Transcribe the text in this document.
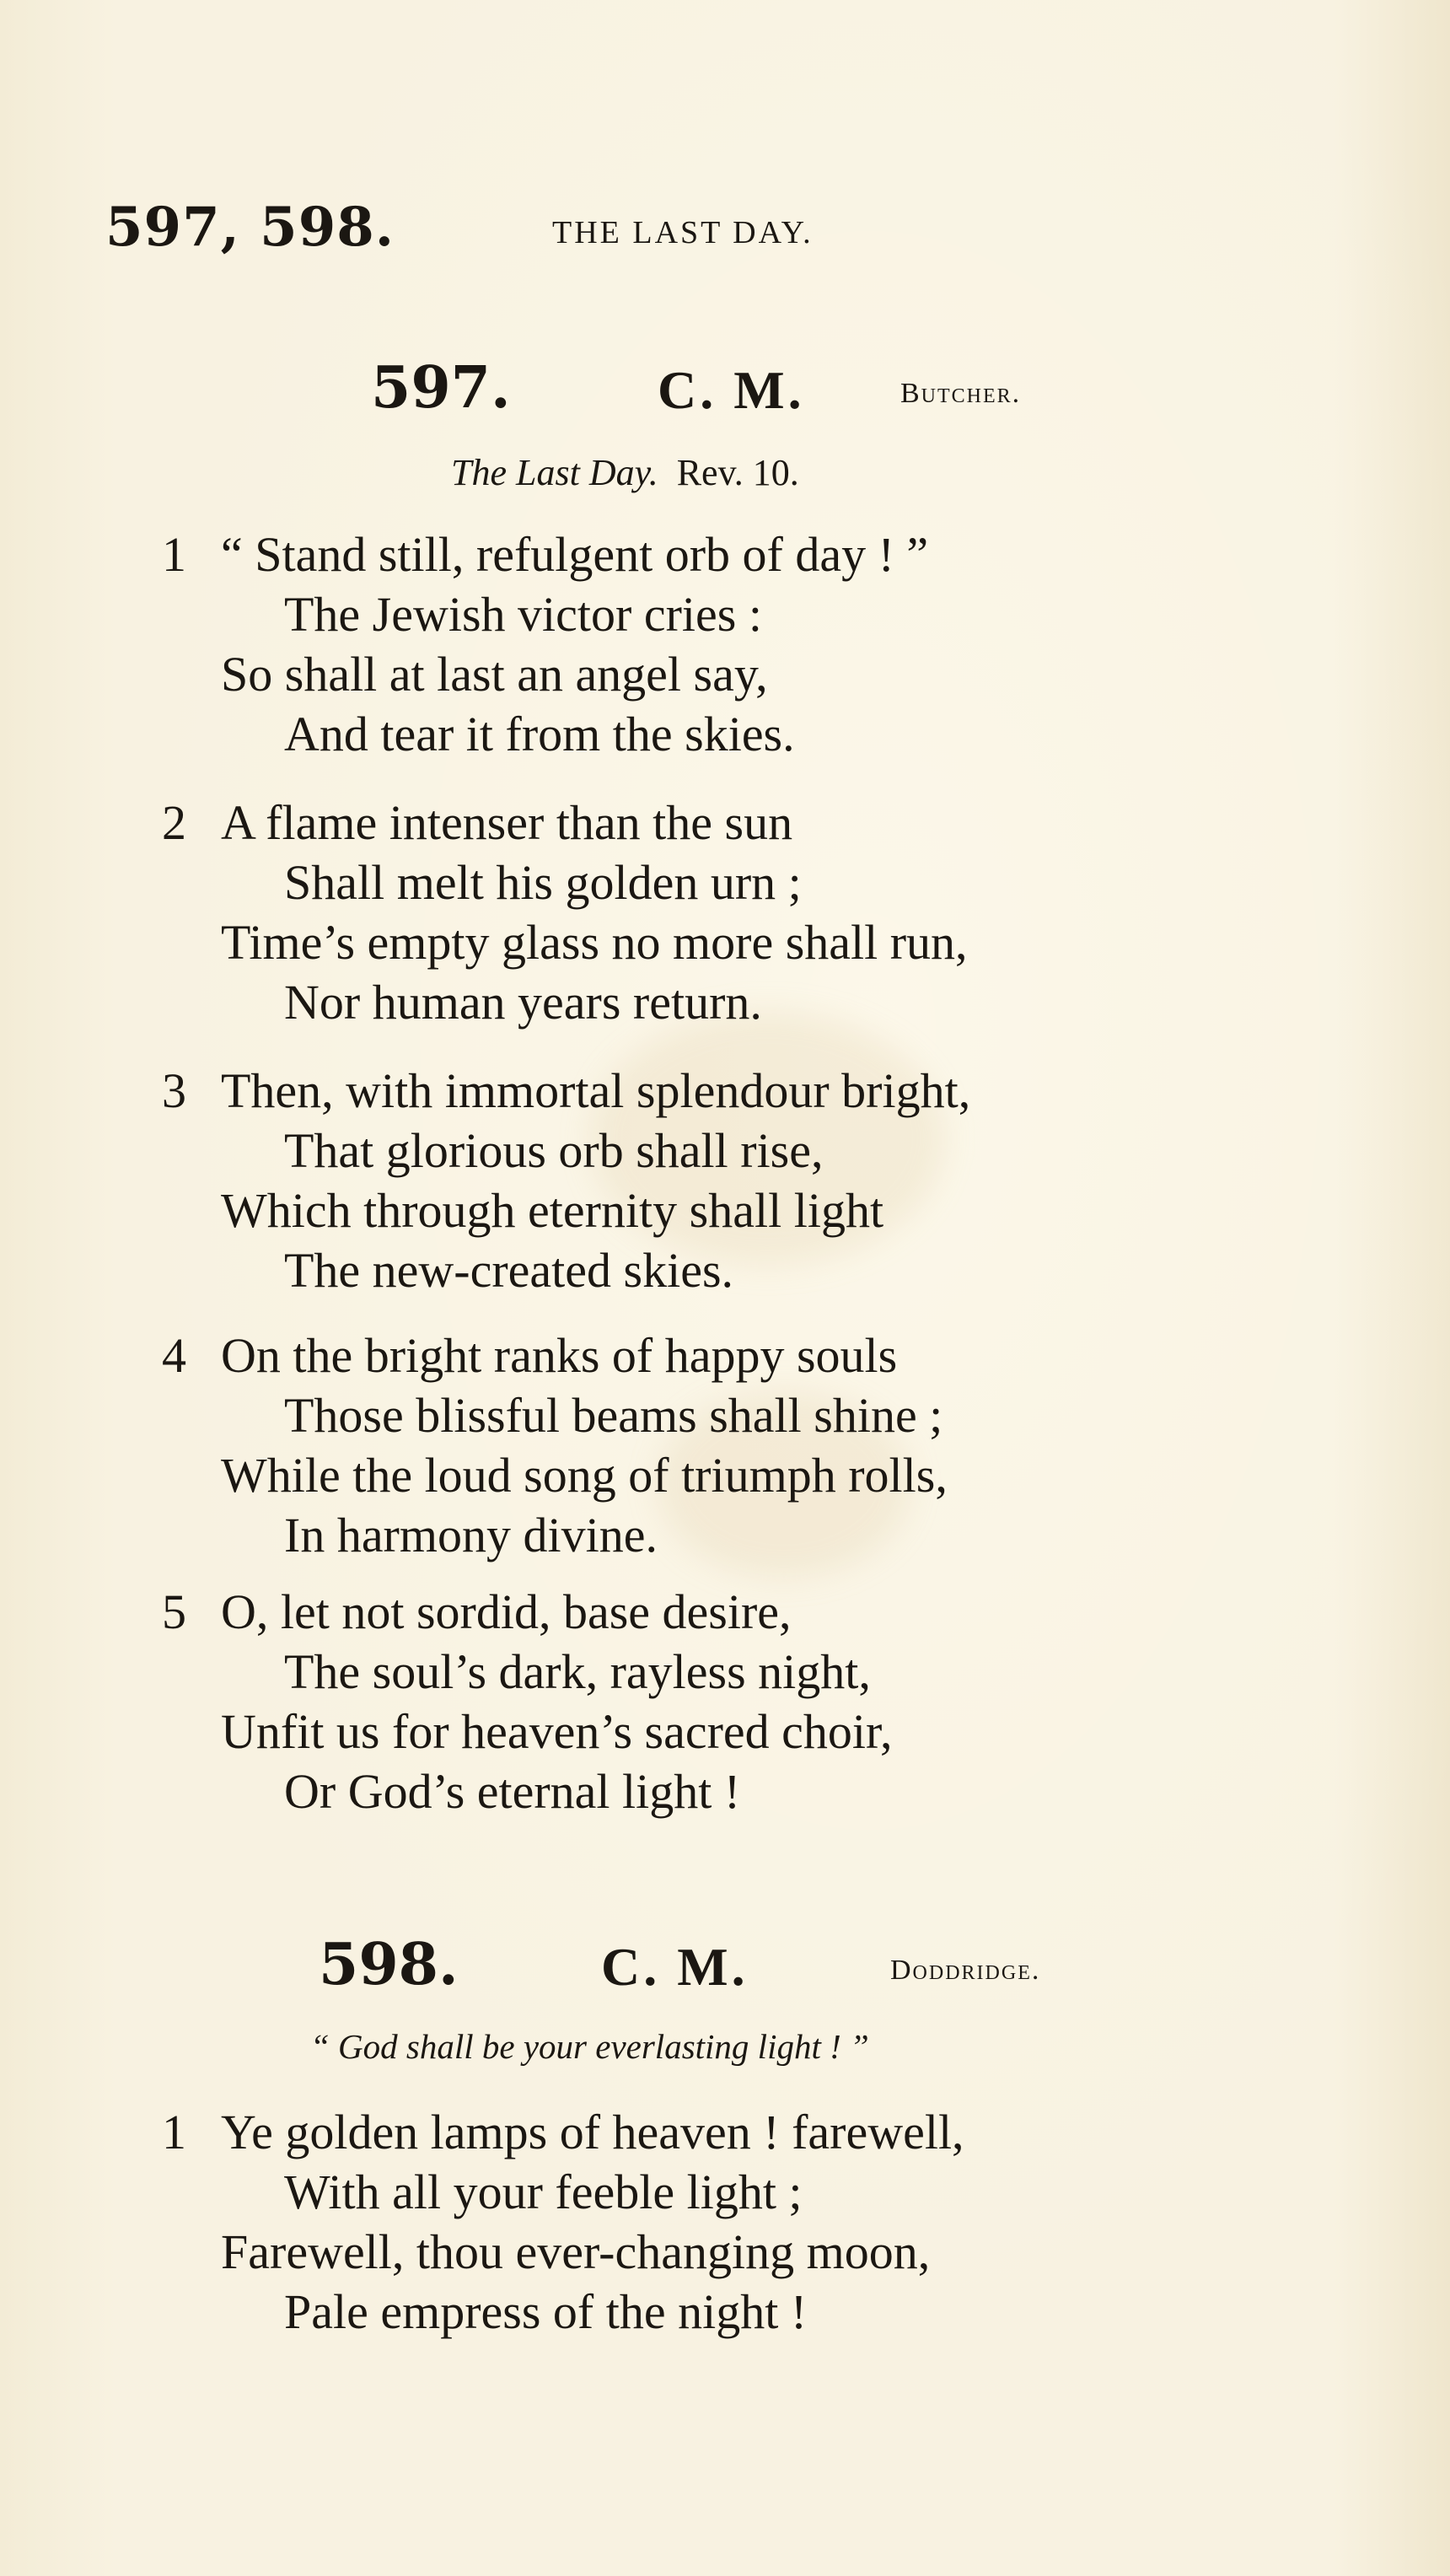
597, 598.	THE LAST DAY.
597.	C. M.	Butcher.
The Last Day. Rev. 10.
1
2
3
4
5
“ Stand still, refulgent orb of day ! ”
The Jewish victor cries :
So shall at last an angel say,
And tear it from the skies.
A flame intenser than the sun
Shall melt his golden urn ;
Time’s empty glass no more shall run,
Nor human years return.
Then, with immortal splendour bright,
That glorious orb shall rise,
Which through eternity shall light
The new-created skies.
On the bright ranks of happy souls
Those blissful beams shall shine ;
While the loud song of triumph rolls,
In harmony divine.
O, let not sordid, base desire,
The soul’s dark, rayless night,
Unfit us for heaven’s sacred choir,
Or God’s eternal light !
598.	C. M.	Doddridge.
“ God shall be your everlasting light ! ”
1 Ye golden lamps of heaven ! farewell,
With all your feeble light ;
Farewell, thou ever-changing moon,
Pale empress of the night !
